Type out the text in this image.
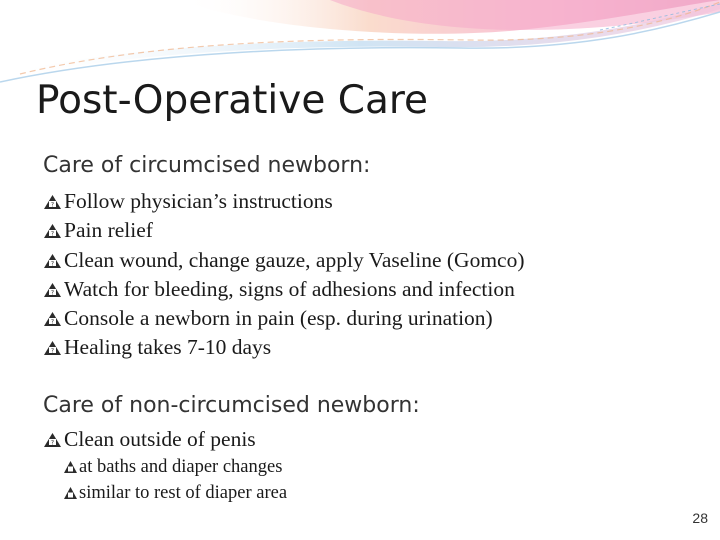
Post-Operative Care
Care of circumcised newborn:
? Follow physician’s instructions
? Pain relief
? Clean wound, change gauze, apply Vaseline (Gomco)
? Watch for bleeding, signs of adhesions and infection
? Console a newborn in pain (esp. during urination)
? Healing takes 7-10 days
Care of non-circumcised newborn:
? Clean outside of penis
at baths and diaper changes
similar to rest of diaper area
28
